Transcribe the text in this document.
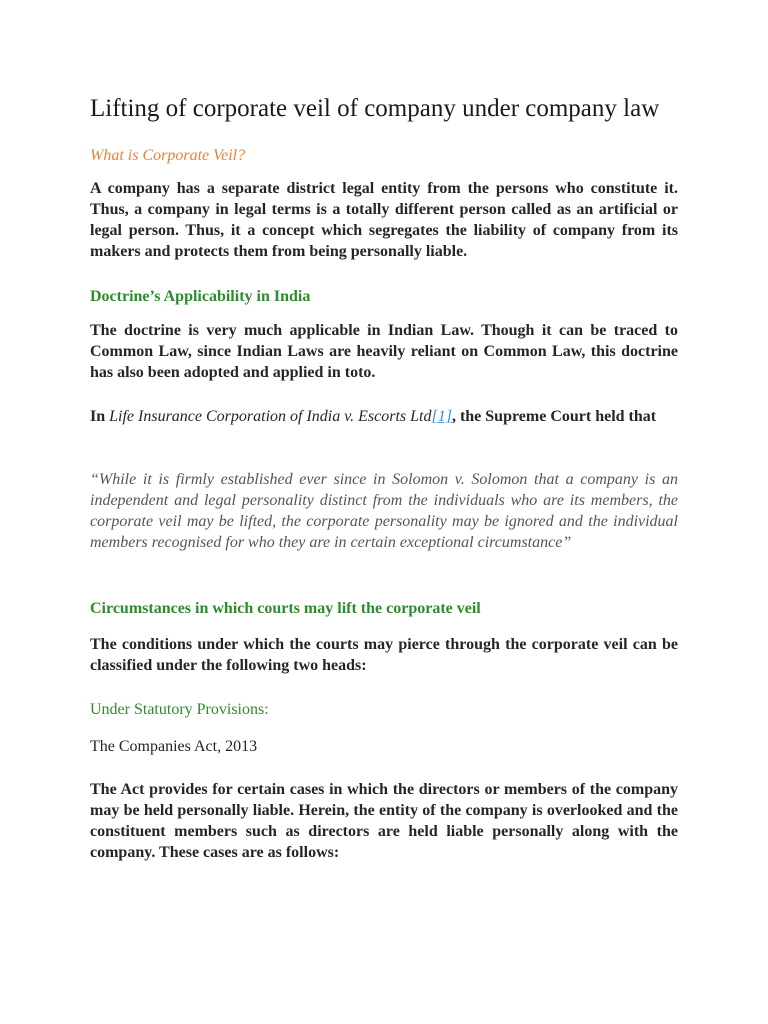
Lifting of corporate veil of company under company law
What is Corporate Veil?

A company has a separate district legal entity from the persons who constitute it. Thus, a company in legal terms is a totally different person called as an artificial or legal person. Thus, it a concept which segregates the liability of company from its makers and protects them from being personally liable.

Doctrine’s Applicability in India

The doctrine is very much applicable in Indian Law. Though it can be traced to Common Law, since Indian Laws are heavily reliant on Common Law, this doctrine has also been adopted and applied in toto.

In Life Insurance Corporation of India v. Escorts Ltd[1], the Supreme Court held that

“While it is firmly established ever since in Solomon v. Solomon that a company is an independent and legal personality distinct from the individuals who are its members, the corporate veil may be lifted, the corporate personality may be ignored and the individual members recognised for who they are in certain exceptional circumstance”

Circumstances in which courts may lift the corporate veil

The conditions under which the courts may pierce through the corporate veil can be classified under the following two heads:

Under Statutory Provisions:

The Companies Act, 2013

The Act provides for certain cases in which the directors or members of the company may be held personally liable. Herein, the entity of the company is overlooked and the constituent members such as directors are held liable personally along with the company. These cases are as follows:
